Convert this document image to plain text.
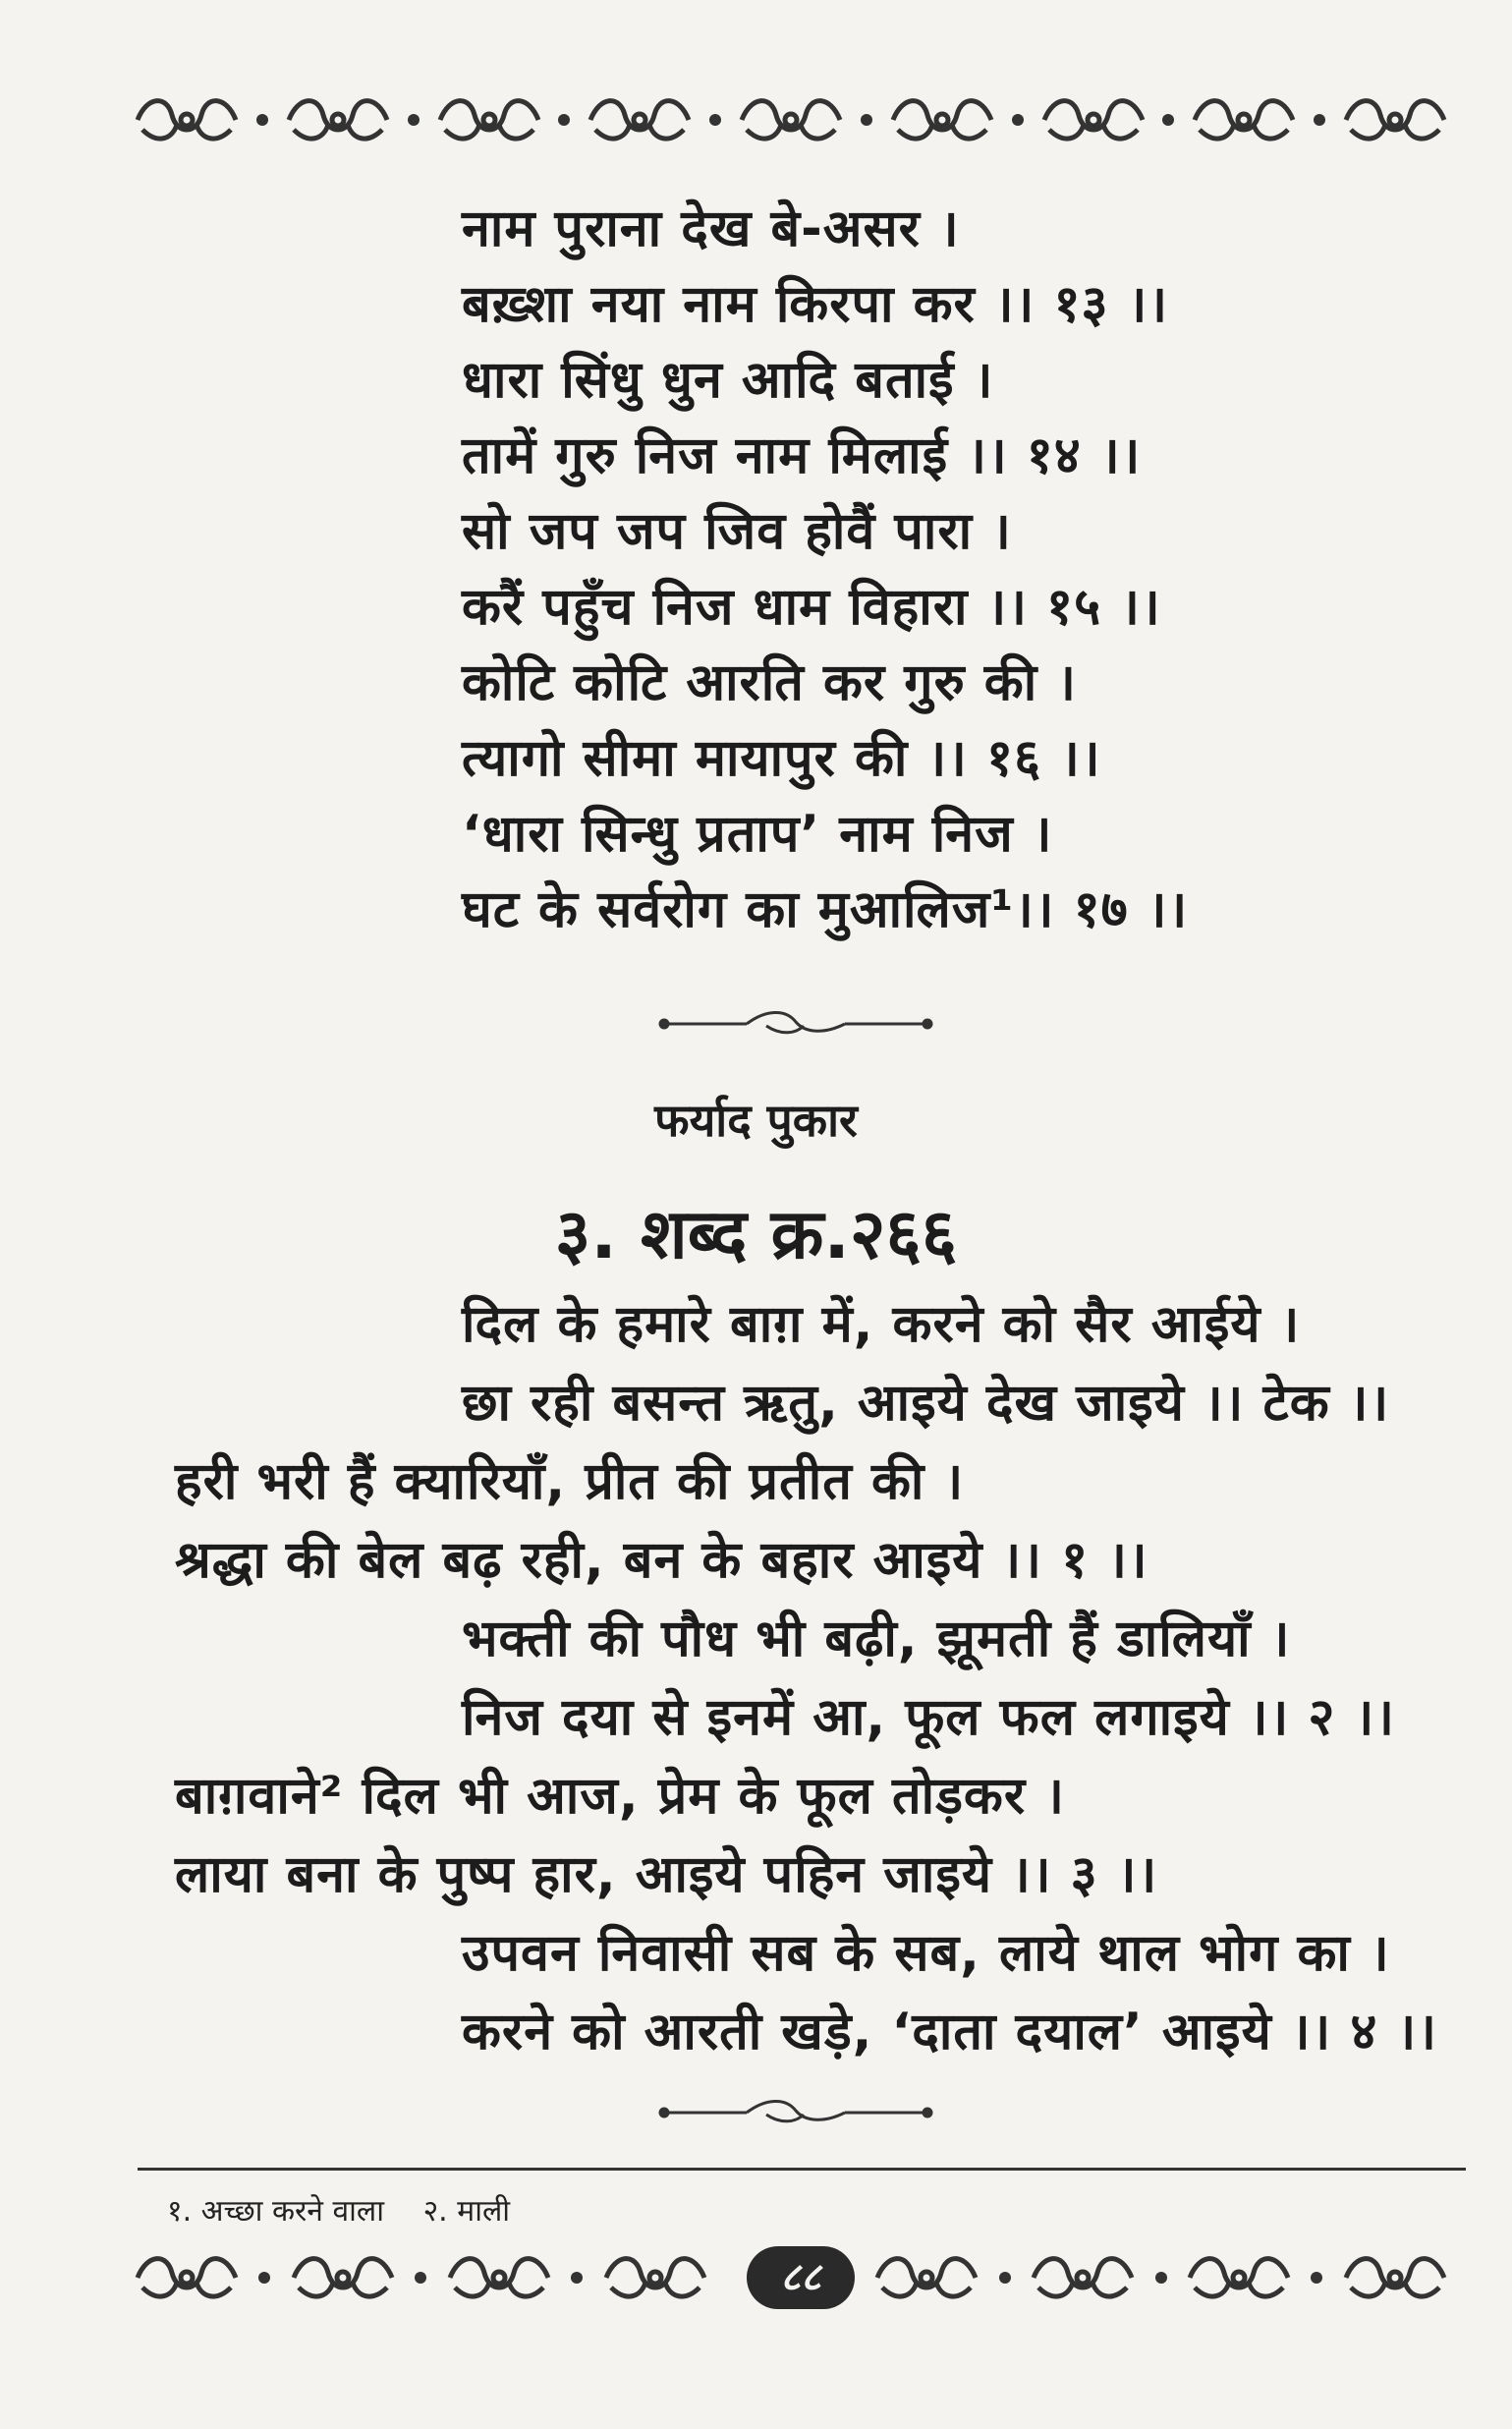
नाम पुराना देख बे-असर ।
बख़्शा नया नाम किरपा कर ।। १३ ।।
धारा सिंधु धुन आदि बताई ।
तामें गुरु निज नाम मिलाई ।। १४ ।।
सो जप जप जिव होवैं पारा ।
करैं पहुँच निज धाम विहारा ।। १५ ।।
कोटि कोटि आरति कर गुरु की ।
त्यागो सीमा मायापुर की ।। १६ ।।
‘धारा सिन्धु प्रताप’ नाम निज ।
घट के सर्वरोग का मुआलिज¹।। १७ ।।
फर्याद पुकार
३. शब्द क्र.२६६
दिल के हमारे बाग़ में, करने को सैर आईये ।
छा रही बसन्त ऋतु, आइये देख जाइये ।। टेक ।।
हरी भरी हैं क्यारियाँ, प्रीत की प्रतीत की ।
श्रद्धा की बेल बढ़ रही, बन के बहार आइये ।। १ ।।
भक्ती की पौध भी बढ़ी, झूमती हैं डालियाँ ।
निज दया से इनमें आ, फूल फल लगाइये ।। २ ।।
बाग़वाने² दिल भी आज, प्रेम के फूल तोड़कर ।
लाया बना के पुष्प हार, आइये पहिन जाइये ।। ३ ।।
उपवन निवासी सब के सब, लाये थाल भोग का ।
करने को आरती खड़े, ‘दाता दयाल’ आइये ।। ४ ।।
१. अच्छा करने वाला २. माली
८८
